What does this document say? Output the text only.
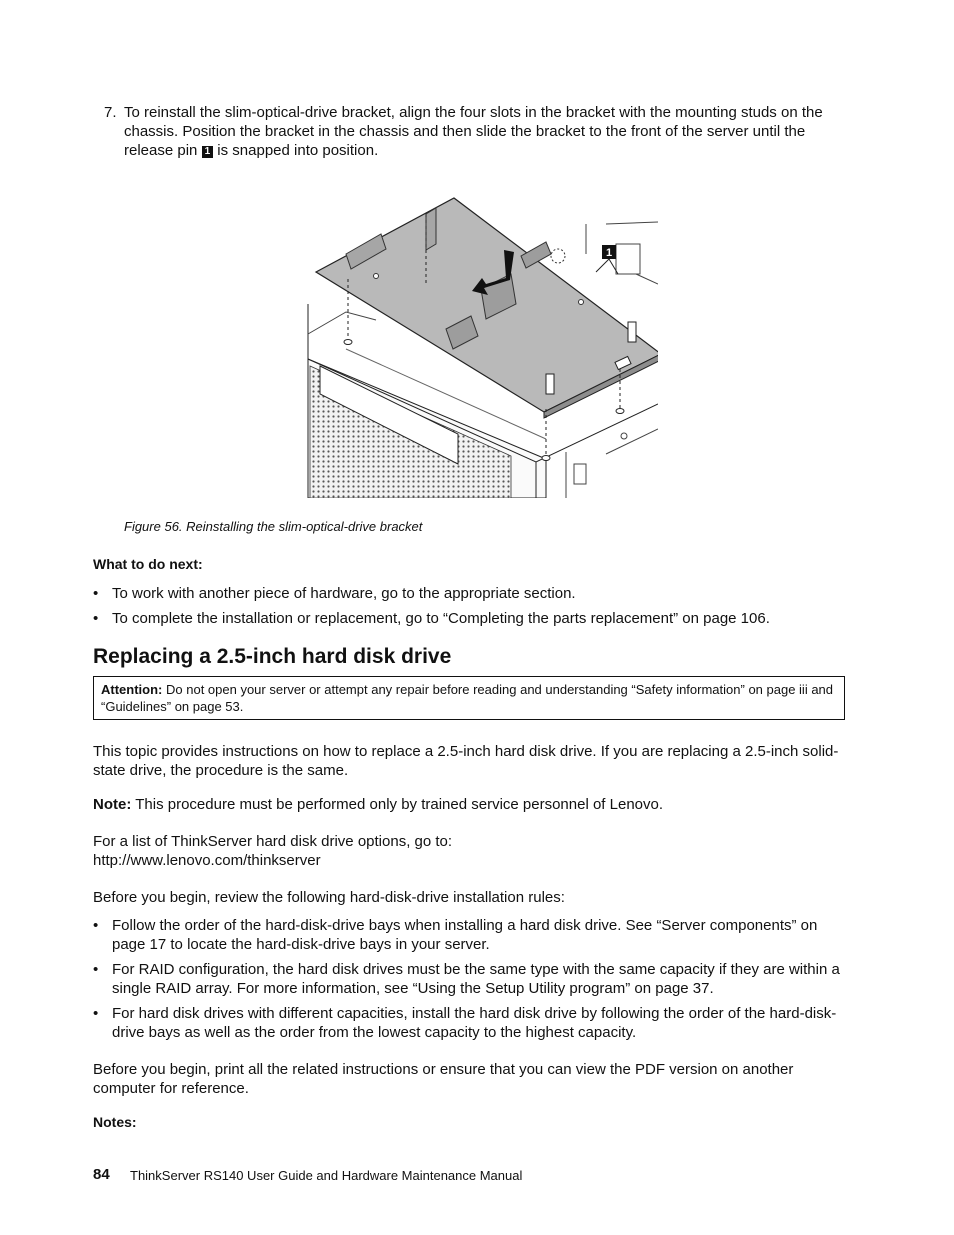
7. To reinstall the slim-optical-drive bracket, align the four slots in the bracket with the mounting studs on the chassis. Position the bracket in the chassis and then slide the bracket to the front of the server until the release pin 1 is snapped into position.
1
Figure 56. Reinstalling the slim-optical-drive bracket
What to do next:
• To work with another piece of hardware, go to the appropriate section.
• To complete the installation or replacement, go to “Completing the parts replacement” on page 106.
Replacing a 2.5-inch hard disk drive
Attention: Do not open your server or attempt any repair before reading and understanding “Safety information” on page iii and “Guidelines” on page 53.
This topic provides instructions on how to replace a 2.5-inch hard disk drive. If you are replacing a 2.5-inch solid-state drive, the procedure is the same.
Note: This procedure must be performed only by trained service personnel of Lenovo.
For a list of ThinkServer hard disk drive options, go to:
http://www.lenovo.com/thinkserver
Before you begin, review the following hard-disk-drive installation rules:
• Follow the order of the hard-disk-drive bays when installing a hard disk drive. See “Server components” on page 17 to locate the hard-disk-drive bays in your server.
• For RAID configuration, the hard disk drives must be the same type with the same capacity if they are within a single RAID array. For more information, see “Using the Setup Utility program” on page 37.
• For hard disk drives with different capacities, install the hard disk drive by following the order of the hard-disk-drive bays as well as the order from the lowest capacity to the highest capacity.
Before you begin, print all the related instructions or ensure that you can view the PDF version on another computer for reference.
Notes:
84 ThinkServer RS140 User Guide and Hardware Maintenance Manual
